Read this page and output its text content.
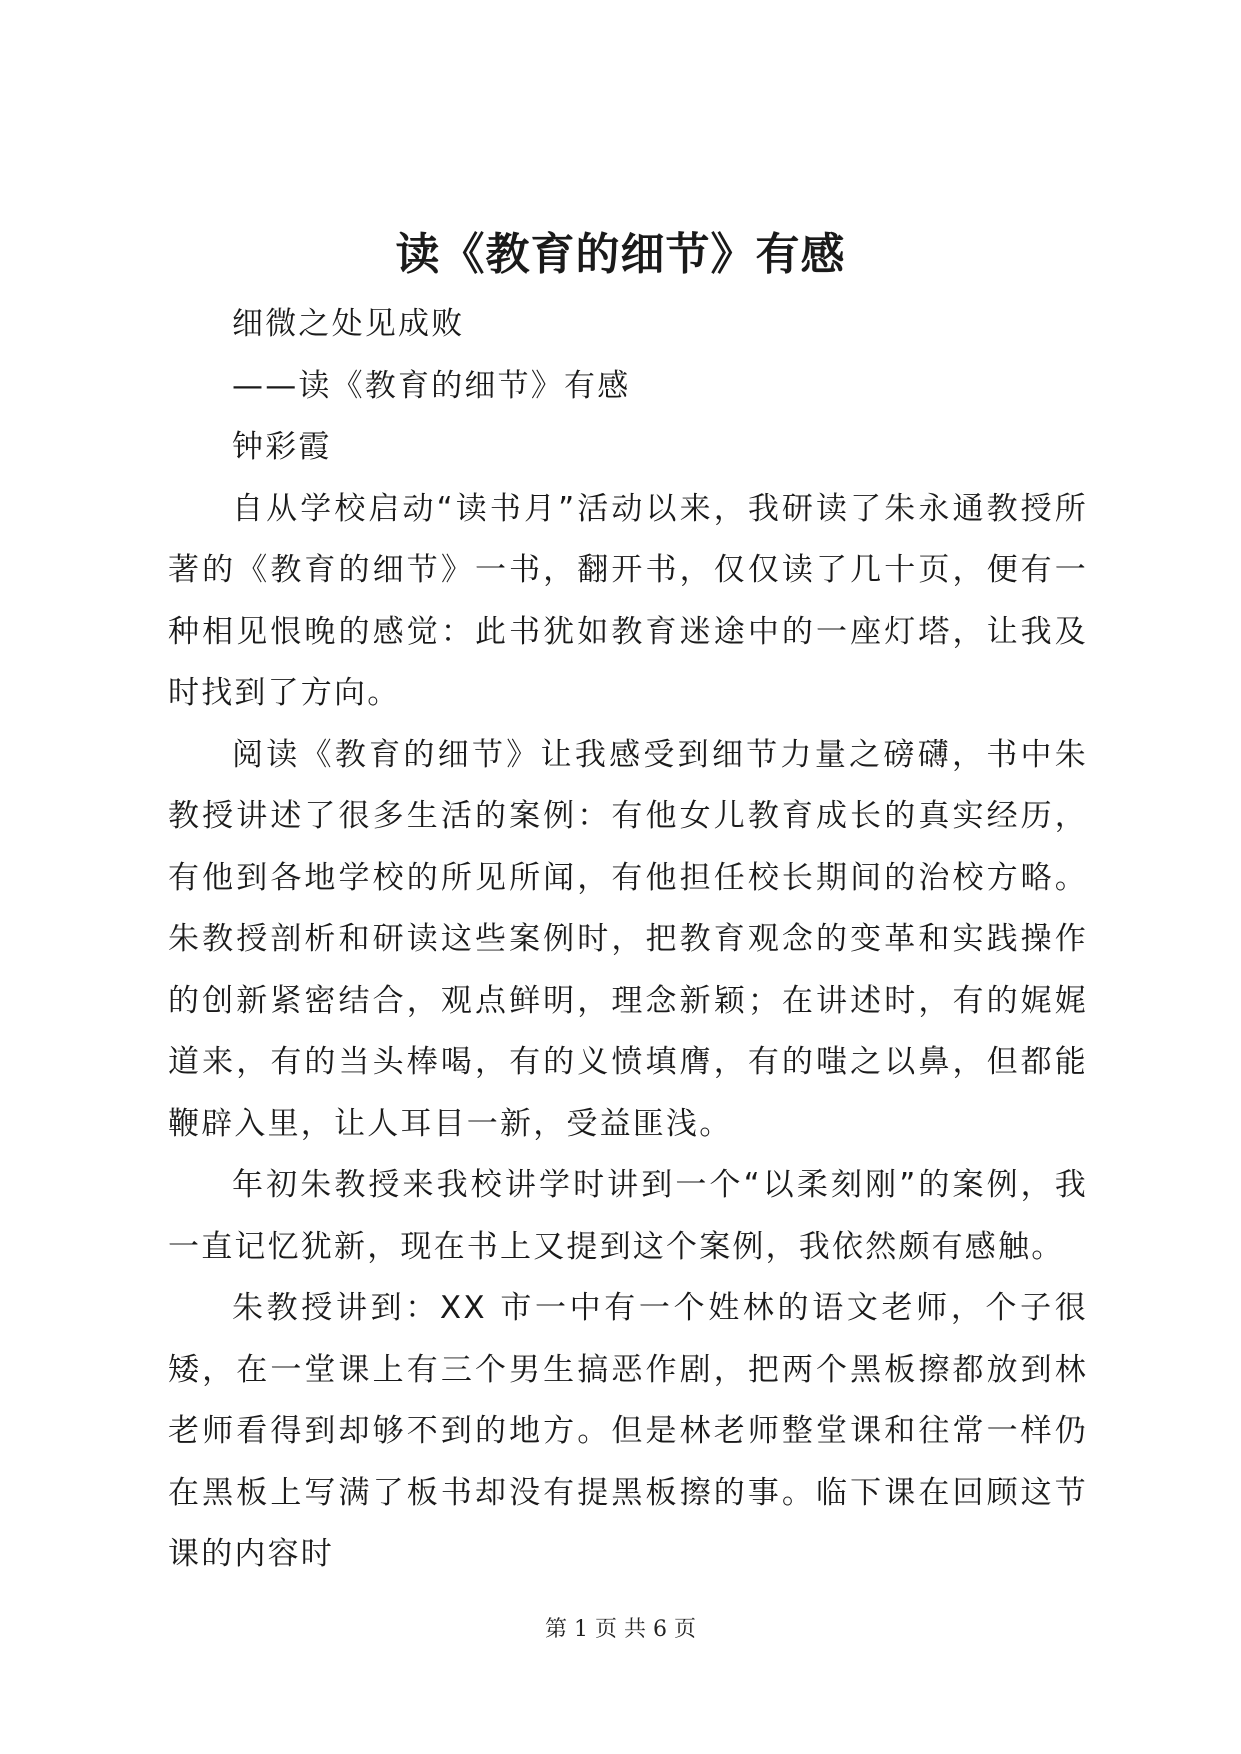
读《教育的细节》有感

细微之处见成败

——读《教育的细节》有感

钟彩霞

自从学校启动“读书月”活动以来，我研读了朱永通教授所著的《教育的细节》一书，翻开书，仅仅读了几十页，便有一种相见恨晚的感觉：此书犹如教育迷途中的一座灯塔，让我及时找到了方向。

阅读《教育的细节》让我感受到细节力量之磅礴，书中朱教授讲述了很多生活的案例：有他女儿教育成长的真实经历，有他到各地学校的所见所闻，有他担任校长期间的治校方略。朱教授剖析和研读这些案例时，把教育观念的变革和实践操作的创新紧密结合，观点鲜明，理念新颖；在讲述时，有的娓娓道来，有的当头棒喝，有的义愤填膺，有的嗤之以鼻，但都能鞭辟入里，让人耳目一新，受益匪浅。

年初朱教授来我校讲学时讲到一个“以柔刻刚”的案例，我一直记忆犹新，现在书上又提到这个案例，我依然颇有感触。

朱教授讲到：XX 市一中有一个姓林的语文老师，个子很矮，在一堂课上有三个男生搞恶作剧，把两个黑板擦都放到林老师看得到却够不到的地方。但是林老师整堂课和往常一样仍在黑板上写满了板书却没有提黑板擦的事。临下课在回顾这节课的内容时

第 1 页 共 6 页
